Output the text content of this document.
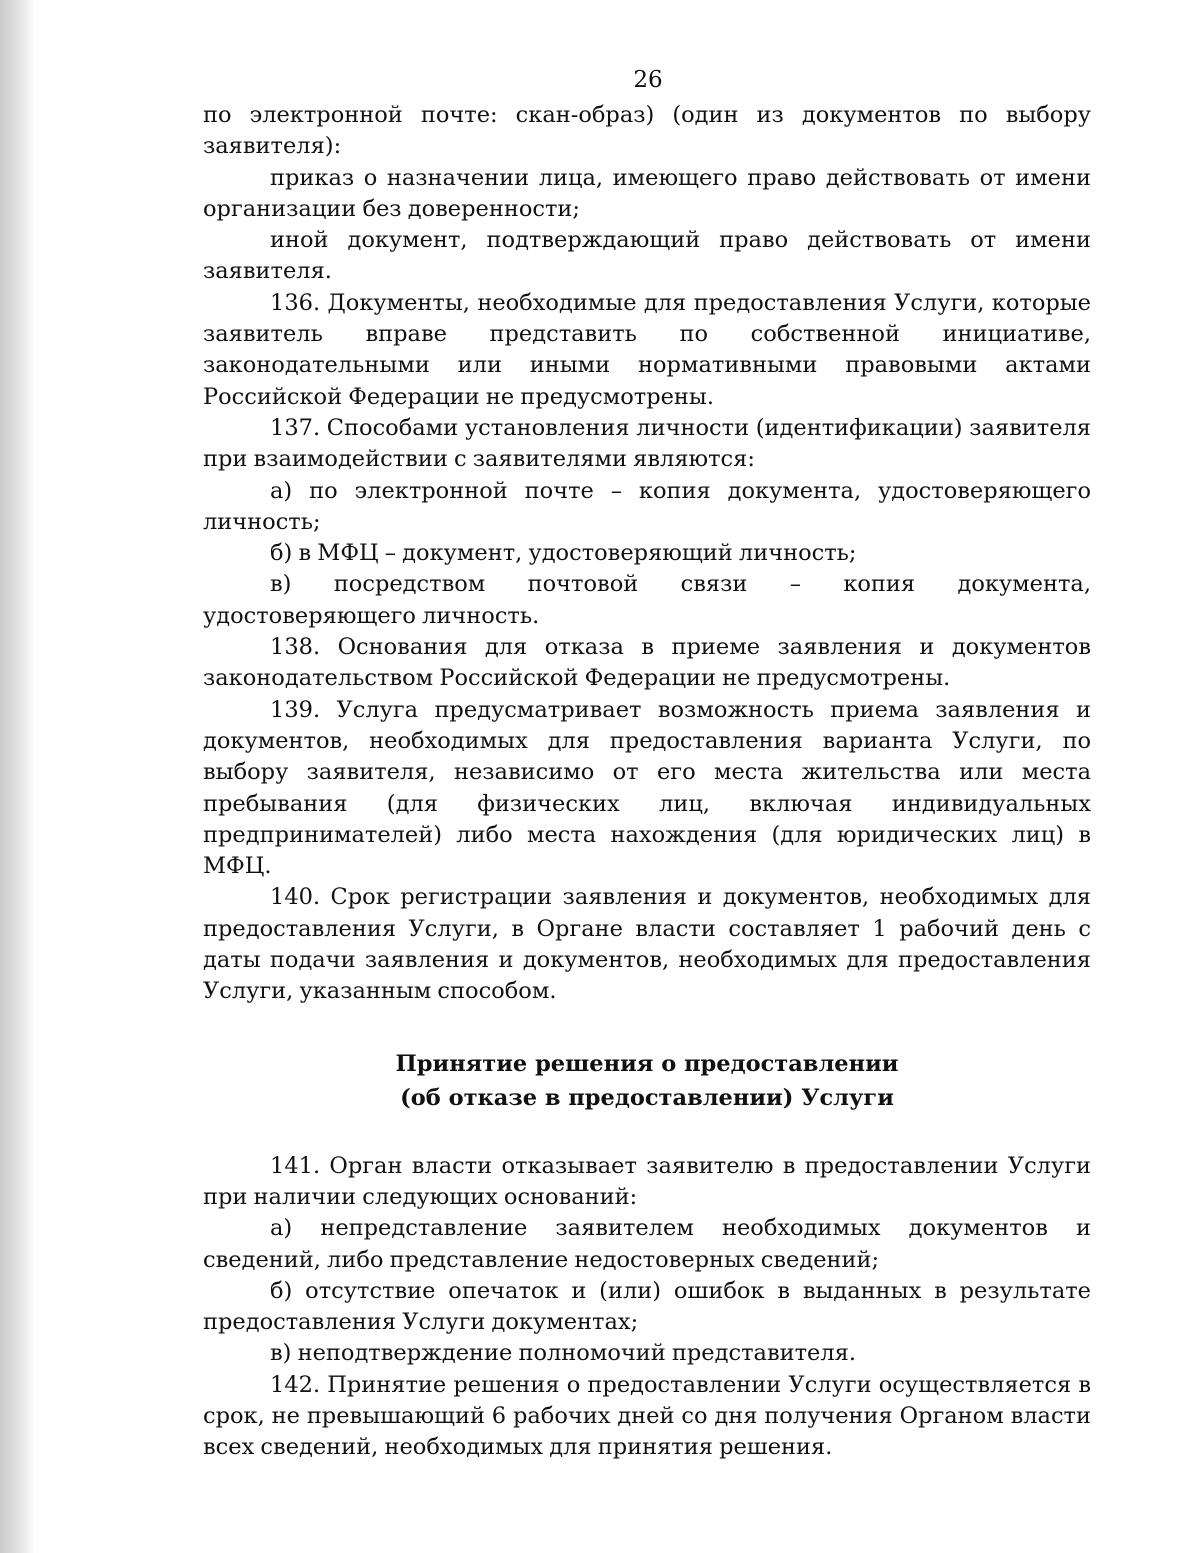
26

по электронной почте: скан-образ) (один из документов по выбору заявителя):

приказ о назначении лица, имеющего право действовать от имени организации без доверенности;

иной документ, подтверждающий право действовать от имени заявителя.

136. Документы, необходимые для предоставления Услуги, которые заявитель вправе представить по собственной инициативе, законодательными или иными нормативными правовыми актами Российской Федерации не предусмотрены.

137. Способами установления личности (идентификации) заявителя при взаимодействии с заявителями являются:

а) по электронной почте – копия документа, удостоверяющего личность;

б) в МФЦ – документ, удостоверяющий личность;

в) посредством почтовой связи – копия документа, удостоверяющего личность.

138. Основания для отказа в приеме заявления и документов законодательством Российской Федерации не предусмотрены.

139. Услуга предусматривает возможность приема заявления и документов, необходимых для предоставления варианта Услуги, по выбору заявителя, независимо от его места жительства или места пребывания (для физических лиц, включая индивидуальных предпринимателей) либо места нахождения (для юридических лиц) в МФЦ.

140. Срок регистрации заявления и документов, необходимых для предоставления Услуги, в Органе власти составляет 1 рабочий день с даты подачи заявления и документов, необходимых для предоставления Услуги, указанным способом.

Принятие решения о предоставлении
(об отказе в предоставлении) Услуги

141. Орган власти отказывает заявителю в предоставлении Услуги при наличии следующих оснований:

а) непредставление заявителем необходимых документов и сведений, либо представление недостоверных сведений;

б) отсутствие опечаток и (или) ошибок в выданных в результате предоставления Услуги документах;

в) неподтверждение полномочий представителя.

142. Принятие решения о предоставлении Услуги осуществляется в срок, не превышающий 6 рабочих дней со дня получения Органом власти всех сведений, необходимых для принятия решения.
